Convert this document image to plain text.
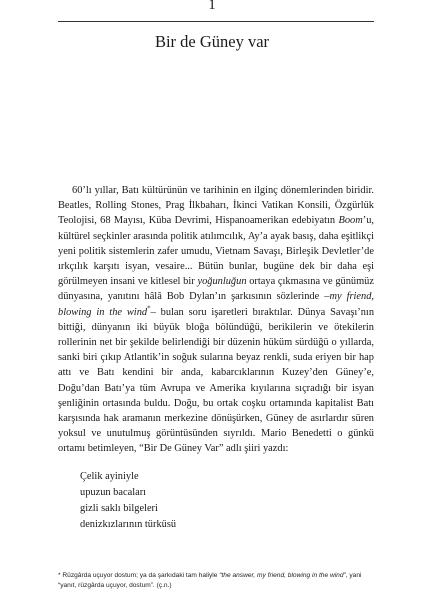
1
Bir de Güney var

60’lı yıllar, Batı kültürünün ve tarihinin en ilginç dönemlerinden biridir. Beatles, Rolling Stones, Prag İlkbaharı, İkinci Vatikan Konsili, Özgürlük Teolojisi, 68 Mayısı, Küba Devrimi, Hispanoamerikan edebiyatın Boom’u, kültürel seçkinler arasında politik atılımcılık, Ay’a ayak basış, daha eşitlikçi yeni politik sistemlerin zafer umudu, Vietnam Savaşı, Birleşik Devletler’de ırkçılık karşıtı isyan, vesaire... Bütün bunlar, bugüne dek bir daha eşi görülmeyen insani ve kitlesel bir yoğunluğun ortaya çıkmasına ve günümüz dünyasına, yanıtını hâlâ Bob Dylan’ın şarkısının sözlerinde –my friend, blowing in the wind*– bulan soru işaretleri bıraktılar. Dünya Savaşı’nın bittiği, dünyanın iki büyük bloğa bölündüğü, berikilerin ve ötekilerin rollerinin net bir şekilde belirlendiği bir düzenin hüküm sürdüğü o yıllarda, sanki biri çıkıp Atlantik’in soğuk sularına beyaz renkli, suda eriyen bir hap attı ve Batı kendini bir anda, kabarcıklarının Kuzey’den Güney’e, Doğu’dan Batı’ya tüm Avrupa ve Amerika kıyılarına sıçradığı bir isyan şenliğinin ortasında buldu. Doğu, bu ortak coşku ortamında kapitalist Batı karşısında hak aramanın merkezine dönüşürken, Güney de asırlardır süren yoksul ve unutulmuş görüntüsünden sıyrıldı. Mario Benedetti o günkü ortamı betimleyen, “Bir De Güney Var” adlı şiiri yazdı:

Çelik ayiniyle
upuzun bacaları
gizli saklı bilgeleri
denizkızlarının türküsü
* Rüzgârda uçuyor dostum; ya da şarkıdaki tam haliyle “the answer, my friend, blowing in the wind”, yani “yanıt, rüzgârda uçuyor, dostum”. (ç.n.)
